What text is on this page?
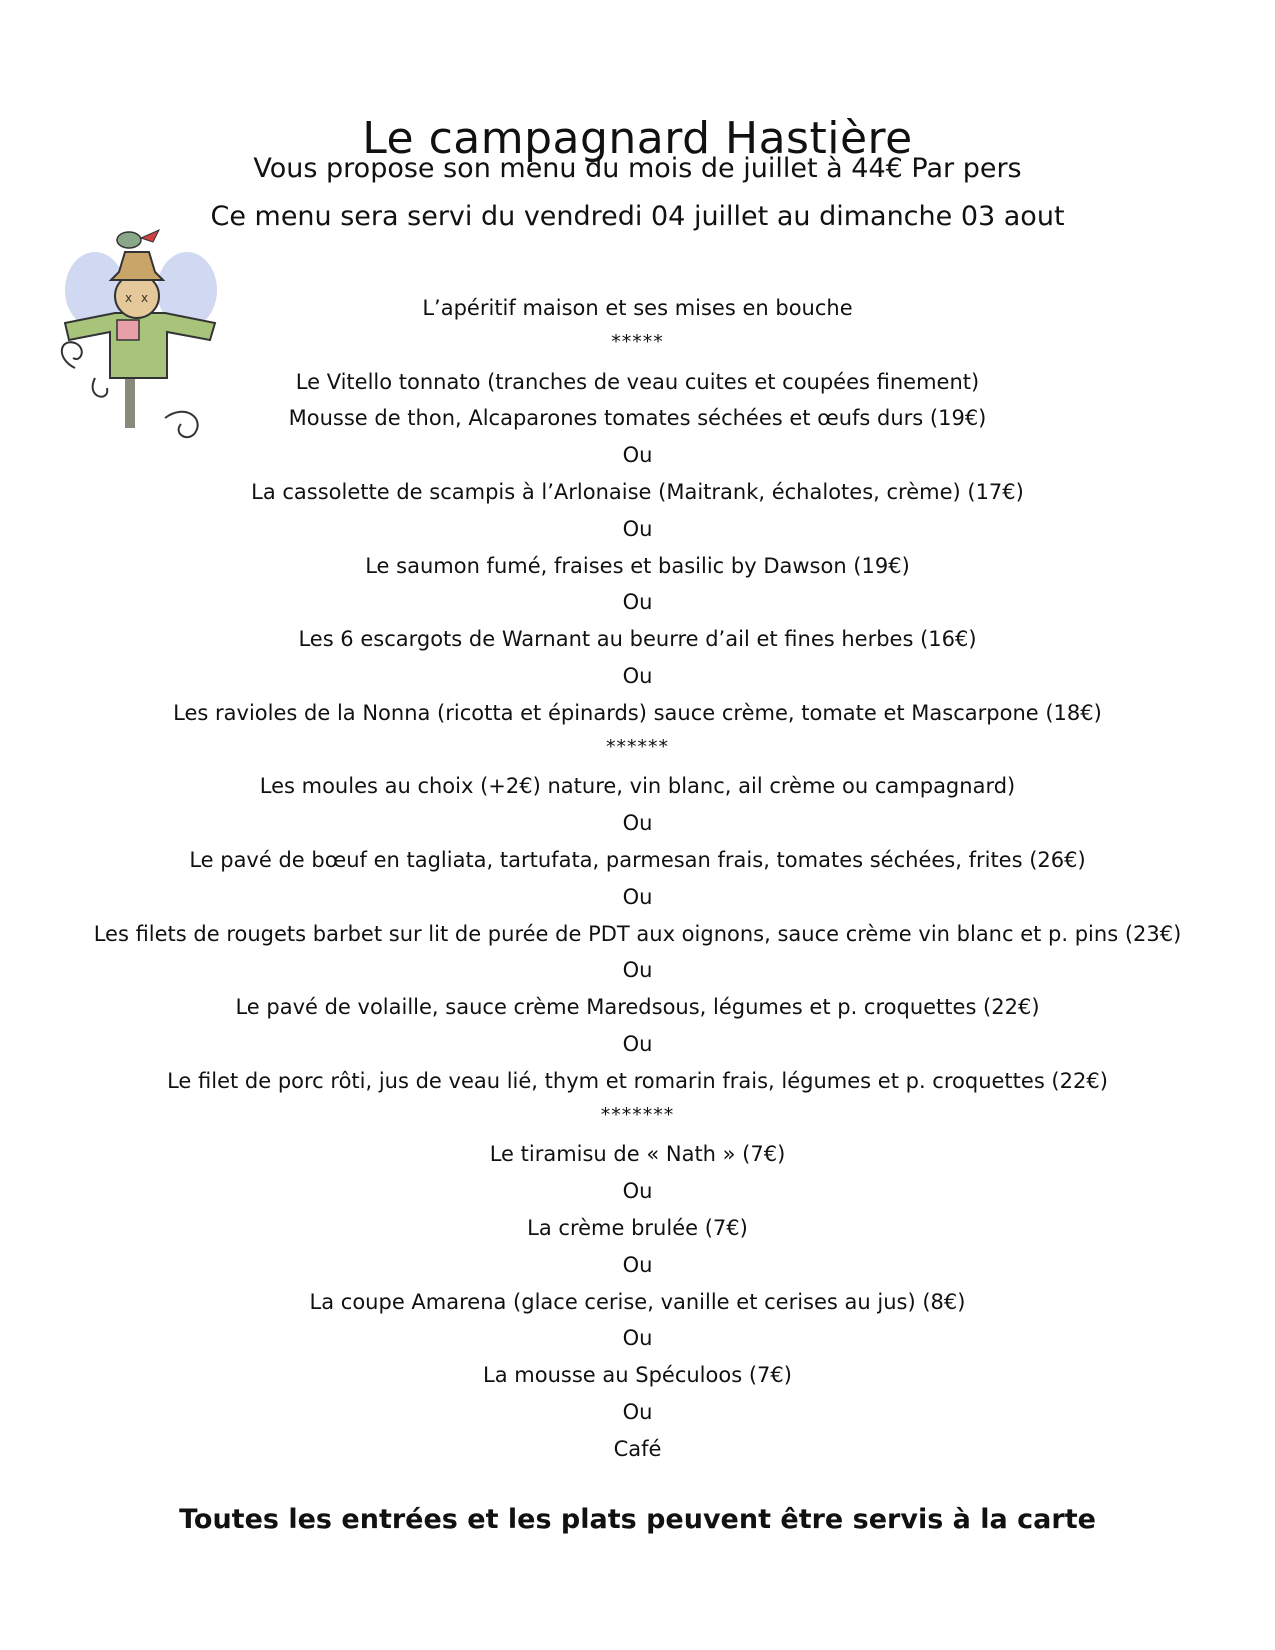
Le campagnard Hastière
Vous propose son menu du mois de juillet à 44€ Par pers
Ce menu sera servi du vendredi 04 juillet au dimanche 03 aout
x x	L’apéritif maison et ses mises en bouche
*****
Le Vitello tonnato (tranches de veau cuites et coupées finement)
Mousse de thon, Alcaparones tomates séchées et œufs durs (19€)
Ou
La cassolette de scampis à l’Arlonaise (Maitrank, échalotes, crème) (17€)
Ou
Le saumon fumé, fraises et basilic by Dawson (19€)
Ou
Les 6 escargots de Warnant au beurre d’ail et fines herbes (16€)
Ou
Les ravioles de la Nonna (ricotta et épinards) sauce crème, tomate et Mascarpone (18€)
******
Les moules au choix (+2€) nature, vin blanc, ail crème ou campagnard)
Ou
Le pavé de bœuf en tagliata, tartufata, parmesan frais, tomates séchées, frites (26€)
Ou
Les filets de rougets barbet sur lit de purée de PDT aux oignons, sauce crème vin blanc et p. pins (23€)
Ou
Le pavé de volaille, sauce crème Maredsous, légumes et p. croquettes (22€)
Ou
Le filet de porc rôti, jus de veau lié, thym et romarin frais, légumes et p. croquettes (22€)
*******
Le tiramisu de « Nath » (7€)
Ou
La crème brulée (7€)
Ou
La coupe Amarena (glace cerise, vanille et cerises au jus) (8€)
Ou
La mousse au Spéculoos (7€)
Ou
Café
Toutes les entrées et les plats peuvent être servis à la carte
